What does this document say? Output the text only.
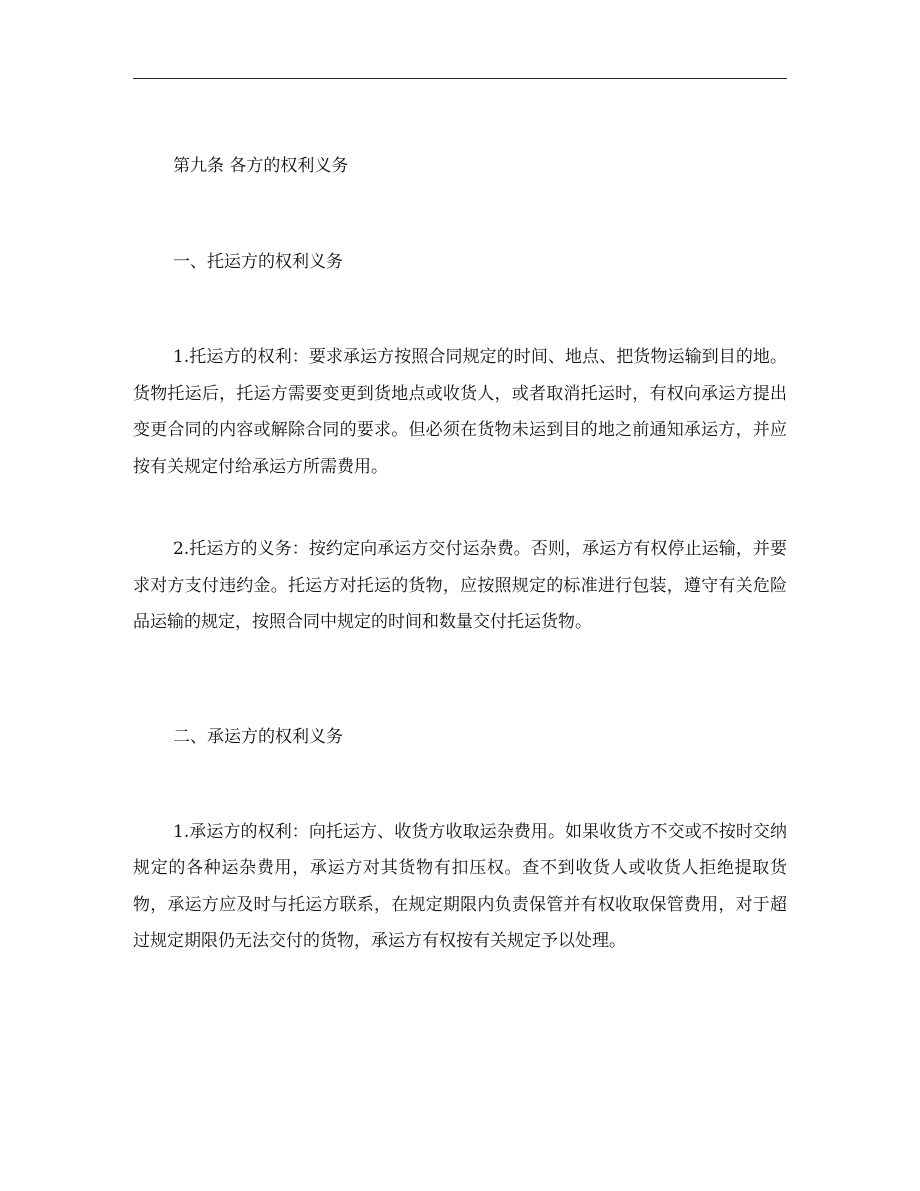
第九条 各方的权利义务

一、托运方的权利义务

1.托运方的权利：要求承运方按照合同规定的时间、地点、把货物运输到目的地。货物托运后，托运方需要变更到货地点或收货人，或者取消托运时，有权向承运方提出变更合同的内容或解除合同的要求。但必须在货物未运到目的地之前通知承运方，并应按有关规定付给承运方所需费用。

2.托运方的义务：按约定向承运方交付运杂费。否则，承运方有权停止运输，并要求对方支付违约金。托运方对托运的货物，应按照规定的标准进行包装，遵守有关危险品运输的规定，按照合同中规定的时间和数量交付托运货物。

二、承运方的权利义务

1.承运方的权利：向托运方、收货方收取运杂费用。如果收货方不交或不按时交纳规定的各种运杂费用，承运方对其货物有扣压权。查不到收货人或收货人拒绝提取货物，承运方应及时与托运方联系，在规定期限内负责保管并有权收取保管费用，对于超过规定期限仍无法交付的货物，承运方有权按有关规定予以处理。
